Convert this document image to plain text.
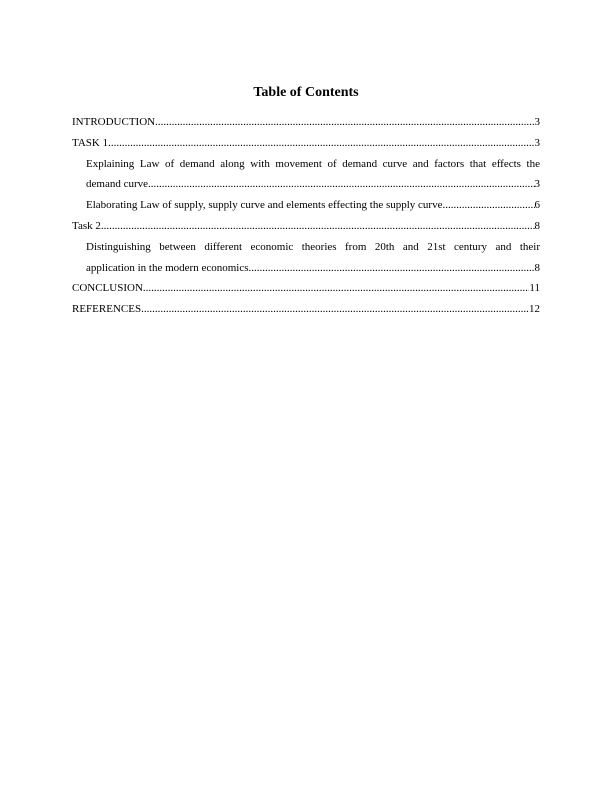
Table of Contents
INTRODUCTION .....	3
TASK 1 .....	3
Explaining Law of demand along with movement of demand curve and factors that effects the
demand curve .....	3
Elaborating Law of supply, supply curve and elements effecting the supply curve .....	6
Task 2 .....	8
Distinguishing between different economic theories from 20th and 21st century and their
application in the modern economics .....	8
CONCLUSION .....	11
REFERENCES .....	12
